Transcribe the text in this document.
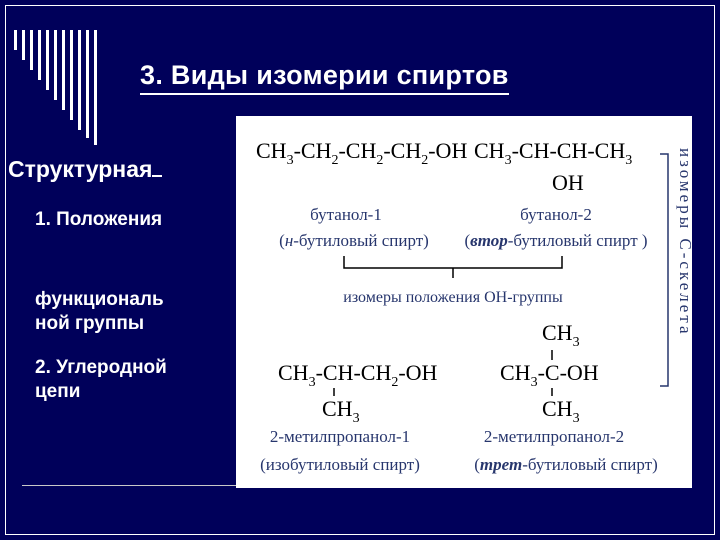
3. Виды изомерии спиртов
Структурная
1. Положения
функциональ
ной группы
2. Углеродной
цепи
$CH_3-CH_2-CH_2-CH_2-OH$ $CH_3-CH-CH-CH_3$
OH
бутанол-1
(н-бутиловый спирт)
бутанол-2
(втор-бутиловый спирт )
изомеры положения OH-группы	изомеры С-скелета
$CH_3-CH-CH_2-OH$
$CH_3$
2-метилпропанол-1
(изобутиловый спирт)
$CH_3$
$CH_3-C-OH$
$CH_3$
2-метилпропанол-2
(трет-бутиловый спирт)
